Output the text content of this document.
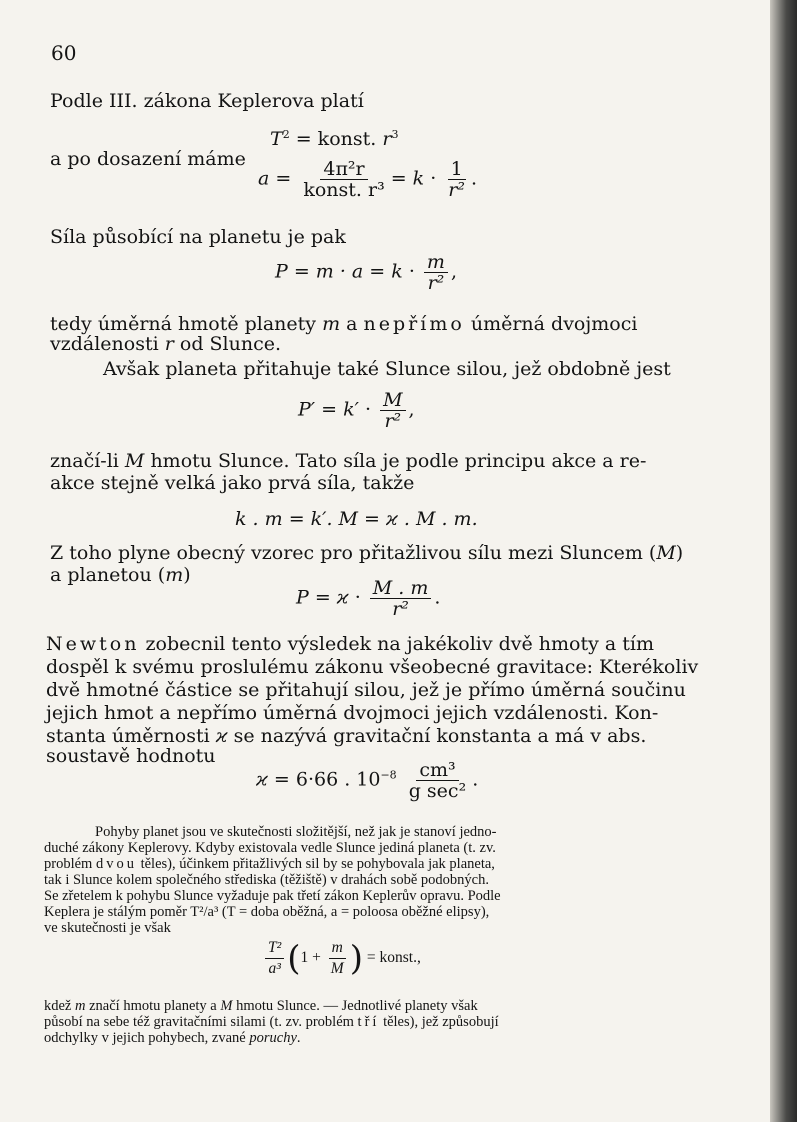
60
Podle III. zákona Keplerova platí
$T^2$ = konst. $r^3$
a po dosazení máme
$a = \frac{\text{4π²r}}{\text{konst. r³}} = k \cdot \frac{1}{\text{r²}}$ .
Síla působící na planetu je pak
$P = m \cdot a = k \cdot \frac{m}{\text{r²}}$ ,
tedy úměrná hmotě planety m a nepřímo úměrná dvojmoci
vzdálenosti r od Slunce.
Avšak planeta přitahuje také Slunce silou, jež obdobně jest
$P' = k' \cdot \frac{M}{\text{r²}}$ ,
značí-li M hmotu Slunce. Tato síla je podle principu akce a re-
akce stejně velká jako prvá síla, takže
k . m = k′. M = ϰ . M . m.
Z toho plyne obecný vzorec pro přitažlivou sílu mezi Sluncem (M)
a planetou (m)
$P = ϰ \cdot \frac{M . m}{\text{r²}}$ .
Newton zobecnil tento výsledek na jakékoliv dvě hmoty a tím
dospěl k svému proslulému zákonu všeobecné gravitace: Kterékoliv
dvě hmotné částice se přitahují silou, jež je přímo úměrná součinu
jejich hmot a nepřímo úměrná dvojmoci jejich vzdálenosti. Kon-
stanta úměrnosti ϰ se nazývá gravitační konstanta a má v abs.
soustavě hodnotu
ϰ = 6·66 . $10^{-8} \frac{\text{cm³}}{\text{g sec²}}$ .
Pohyby planet jsou ve skutečnosti složitější, než jak je stanoví jedno-
duché zákony Keplerovy. Kdyby existovala vedle Slunce jediná planeta (t. zv.
problém dvou těles), účinkem přitažlivých sil by se pohybovala jak planeta,
tak i Slunce kolem společného střediska (těžiště) v drahách sobě podobných.
Se zřetelem k pohybu Slunce vyžaduje pak třetí zákon Keplerův opravu. Podle
Keplera je stálým poměr T²/a³ (T = doba oběžná, a = poloosa oběžné elipsy),
ve skutečnosti je však
$\frac{\text{T²}}{\text{a³}} (1 + \frac{m}{M}$ ) = konst.,
kdež m značí hmotu planety a M hmotu Slunce. — Jednotlivé planety však
působí na sebe též gravitačními silami (t. zv. problém tří těles), jež způsobují
odchylky v jejich pohybech, zvané poruchy.
